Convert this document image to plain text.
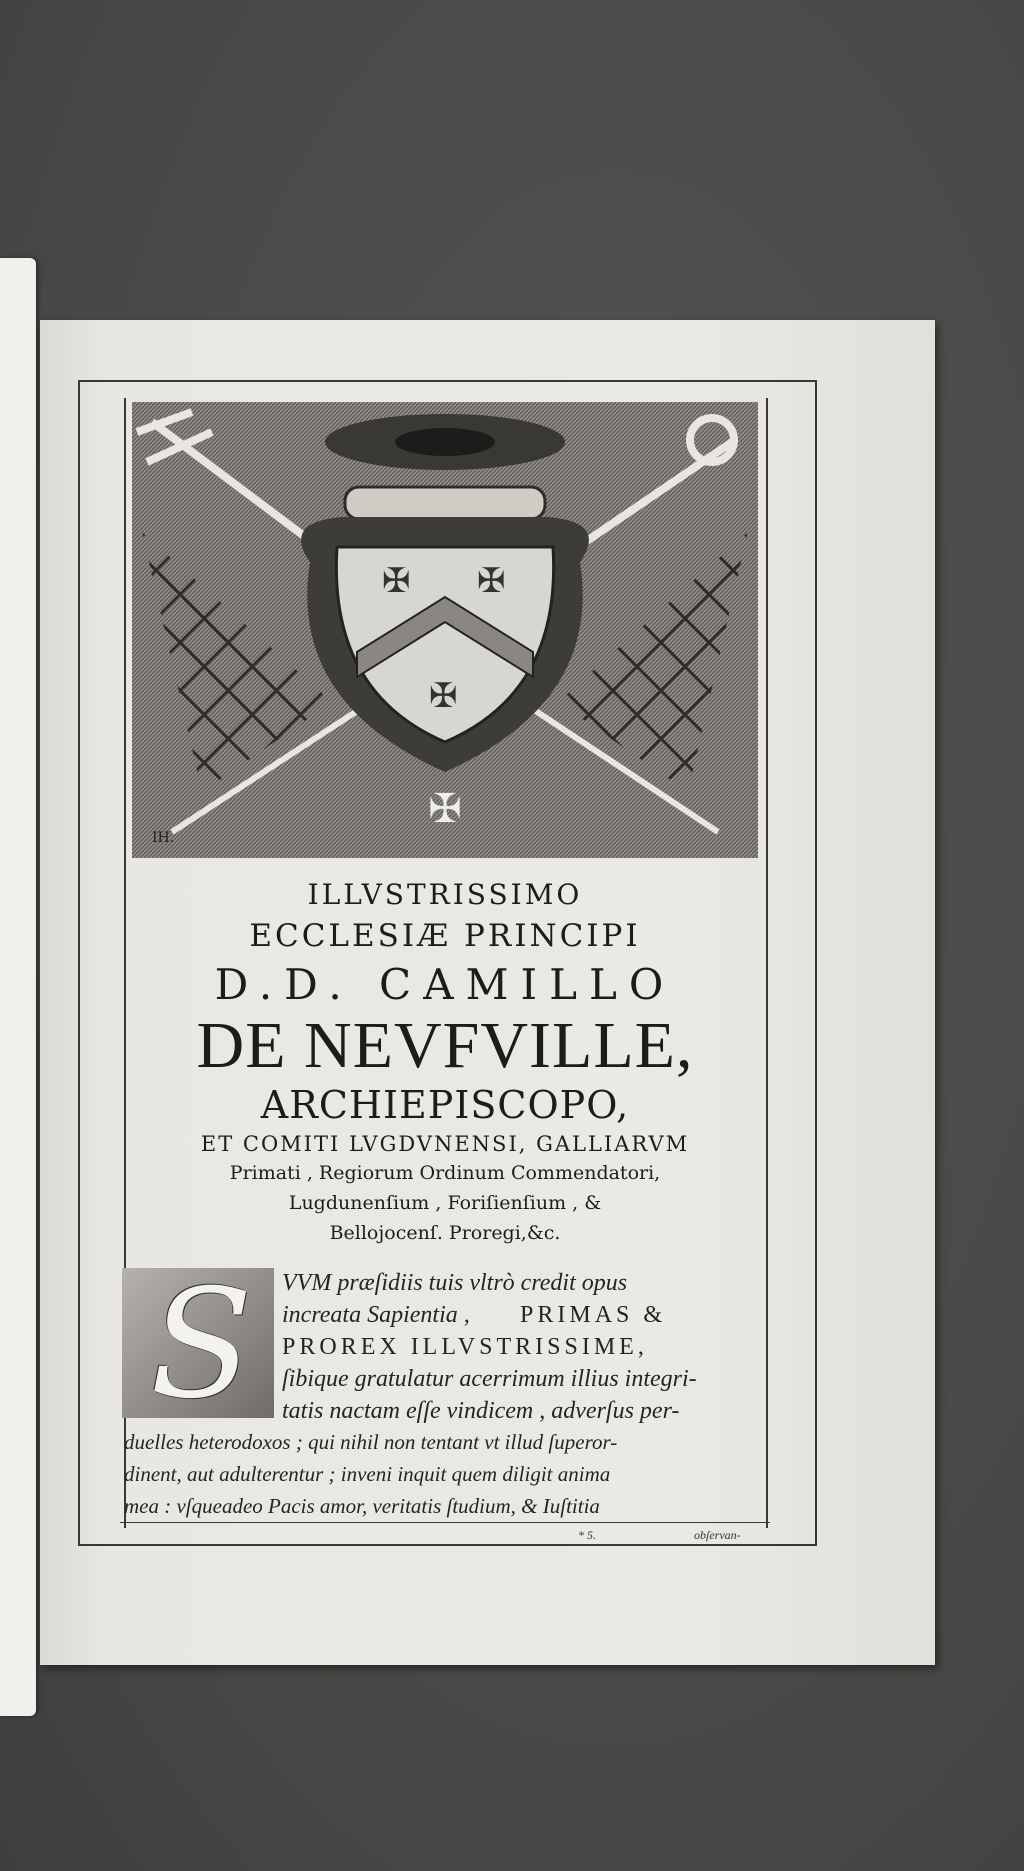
✠ ✠
✠
✠
IH.
ILLVSTRISSIMO
ECCLESIÆ PRINCIPI
D.D. CAMILLO
DE NEVFVILLE,
ARCHIEPISCOPO,
ET COMITI LVGDVNENSI, GALLIARVM
Primati , Regiorum Ordinum Commendatori,
Lugdunenſium , Foriſienſium , &
Bellojocenſ. Proregi,&c.
S VVM præſidiis tuis vltrò credit opus
increata Sapientia , PRIMAS &
PROREX ILLVSTRISSIME,
ſibique gratulatur acerrimum illius integri-
tatis nactam eſſe vindicem , adverſus per-
duelles heterodoxos ; qui nihil non tentant vt illud ſuperor-
dinent, aut adulterentur ; inveni inquit quem diligit anima
mea : vſqueadeo Pacis amor, veritatis ſtudium, & Iuſtitia
* 5.	obſervan-
